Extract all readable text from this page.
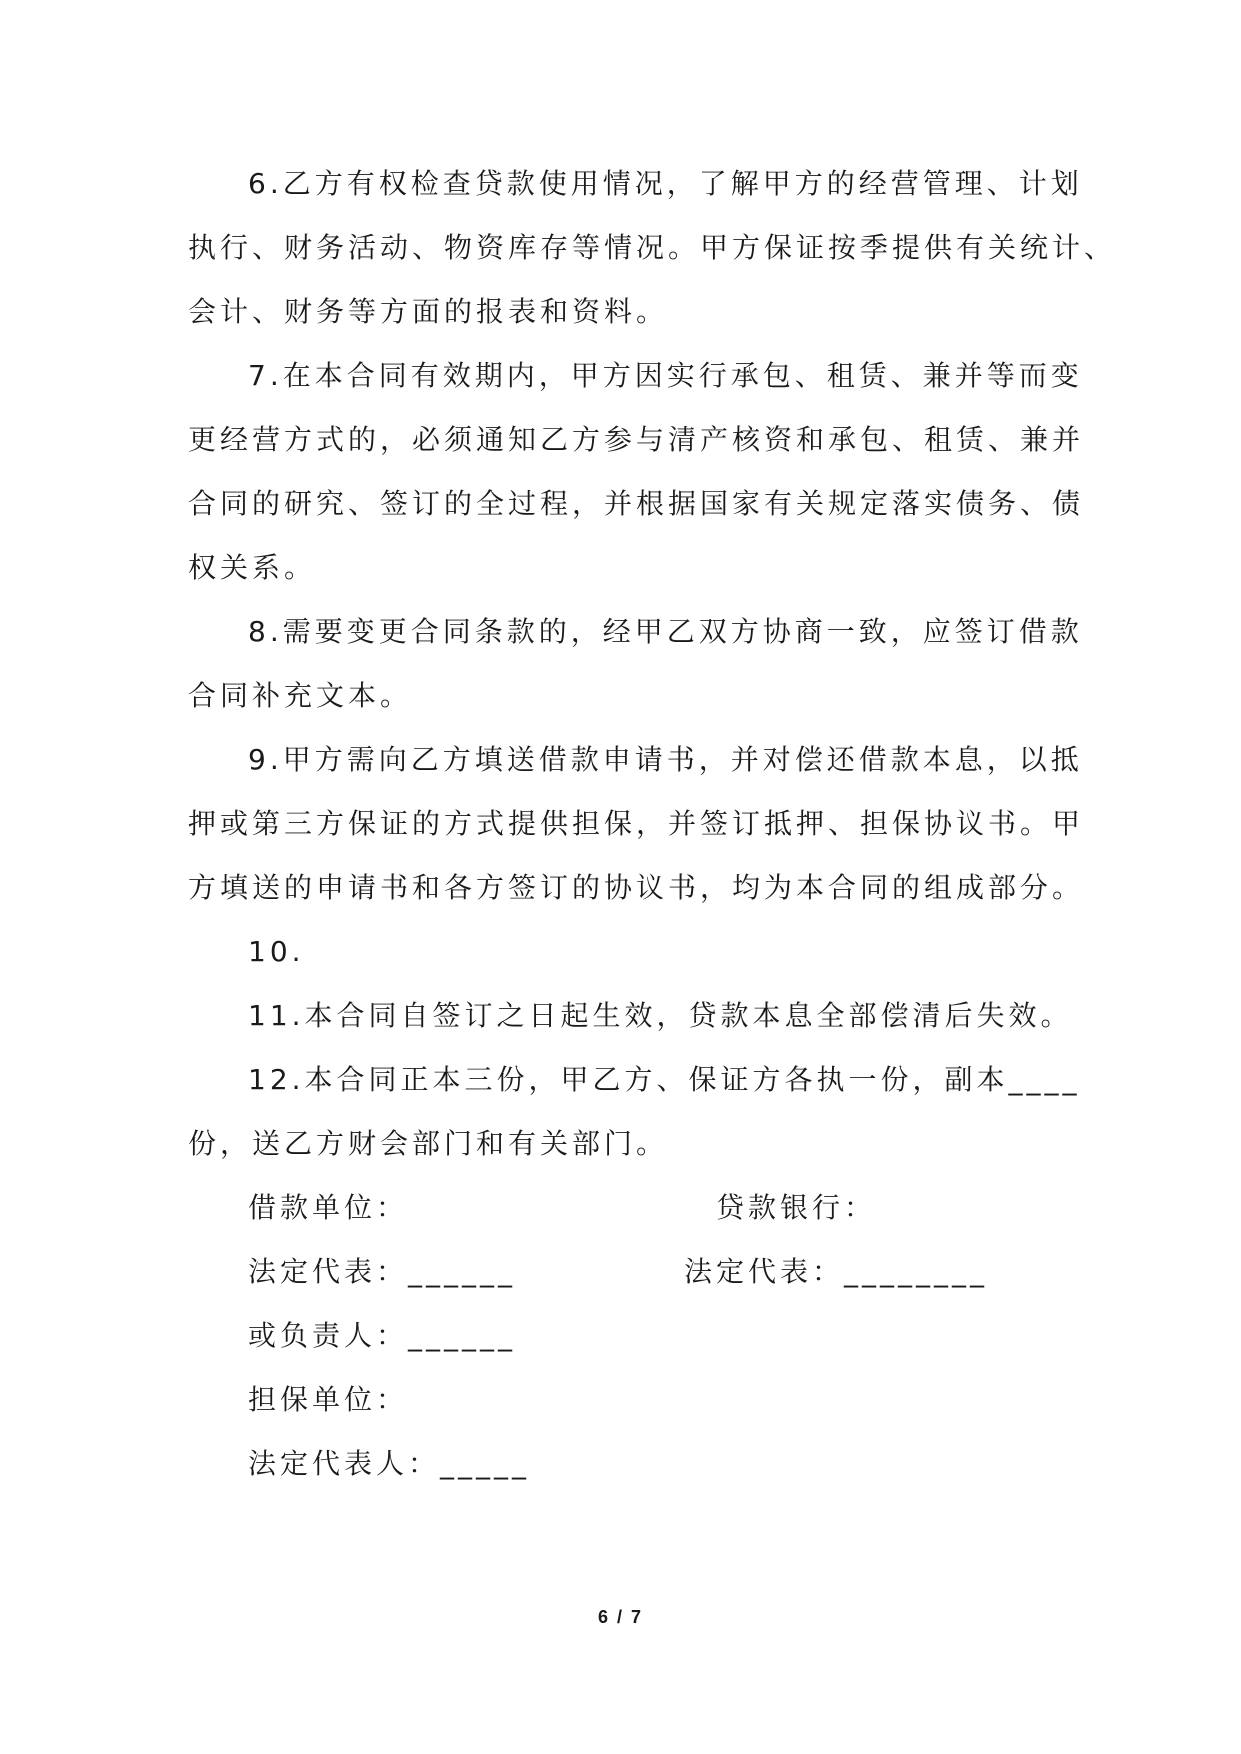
6.乙方有权检查贷款使用情况，了解甲方的经营管理、计划
执行、财务活动、物资库存等情况。甲方保证按季提供有关统计、
会计、财务等方面的报表和资料。
7.在本合同有效期内，甲方因实行承包、租赁、兼并等而变
更经营方式的，必须通知乙方参与清产核资和承包、租赁、兼并
合同的研究、签订的全过程，并根据国家有关规定落实债务、债
权关系。
8.需要变更合同条款的，经甲乙双方协商一致，应签订借款
合同补充文本。
9.甲方需向乙方填送借款申请书，并对偿还借款本息，以抵
押或第三方保证的方式提供担保，并签订抵押、担保协议书。甲
方填送的申请书和各方签订的协议书，均为本合同的组成部分。
10.
11.本合同自签订之日起生效，贷款本息全部偿清后失效。
12.本合同正本三份，甲乙方、保证方各执一份，副本____
份，送乙方财会部门和有关部门。
借款单位：	贷款银行：
法定代表：______	法定代表：________
或负责人：______
担保单位：
法定代表人：_____
6 / 7
